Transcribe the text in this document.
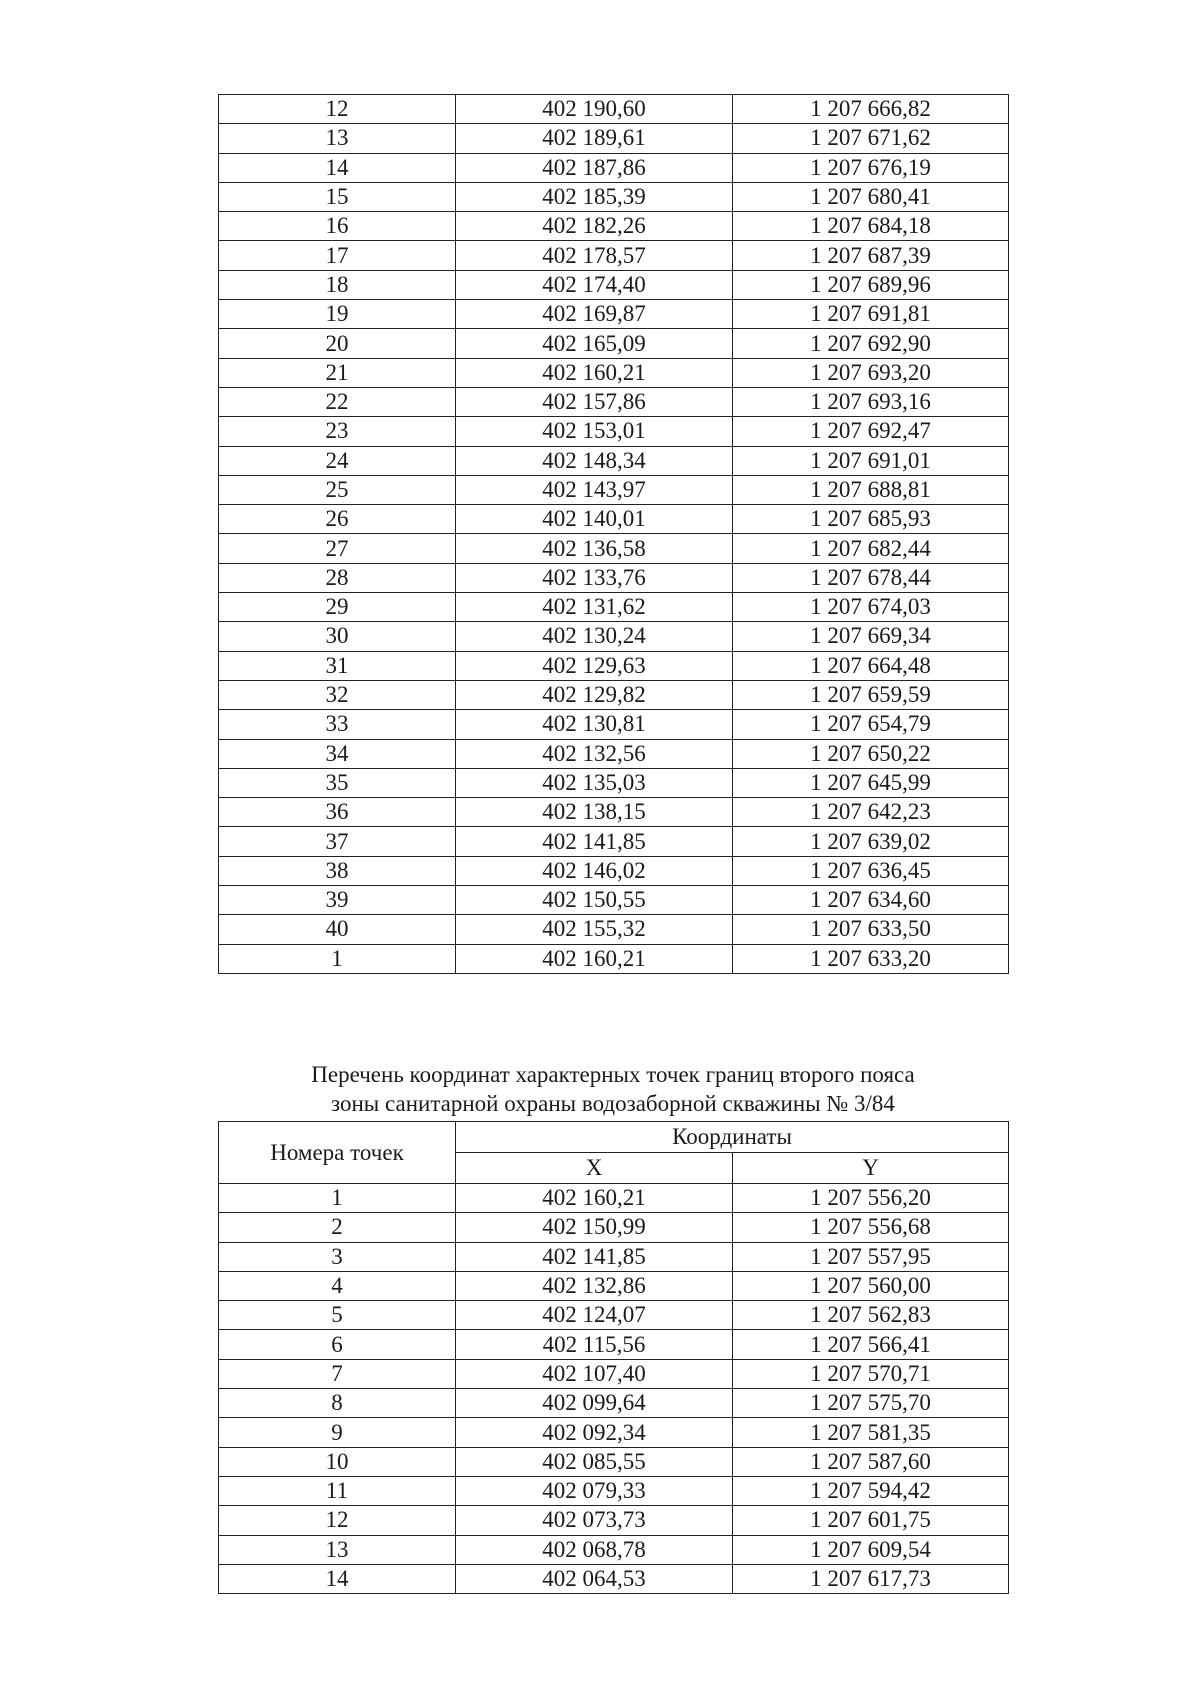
12	402 190,60	1 207 666,82
13	402 189,61	1 207 671,62
14	402 187,86	1 207 676,19
15	402 185,39	1 207 680,41
16	402 182,26	1 207 684,18
17	402 178,57	1 207 687,39
18	402 174,40	1 207 689,96
19	402 169,87	1 207 691,81
20	402 165,09	1 207 692,90
21	402 160,21	1 207 693,20
22	402 157,86	1 207 693,16
23	402 153,01	1 207 692,47
24	402 148,34	1 207 691,01
25	402 143,97	1 207 688,81
26	402 140,01	1 207 685,93
27	402 136,58	1 207 682,44
28	402 133,76	1 207 678,44
29	402 131,62	1 207 674,03
30	402 130,24	1 207 669,34
31	402 129,63	1 207 664,48
32	402 129,82	1 207 659,59
33	402 130,81	1 207 654,79
34	402 132,56	1 207 650,22
35	402 135,03	1 207 645,99
36	402 138,15	1 207 642,23
37	402 141,85	1 207 639,02
38	402 146,02	1 207 636,45
39	402 150,55	1 207 634,60
40	402 155,32	1 207 633,50
1	402 160,21	1 207 633,20
Перечень координат характерных точек границ второго пояса
зоны санитарной охраны водозаборной скважины № 3/84
Номера точек	Координаты	
	X	Y
1	402 160,21	1 207 556,20
2	402 150,99	1 207 556,68
3	402 141,85	1 207 557,95
4	402 132,86	1 207 560,00
5	402 124,07	1 207 562,83
6	402 115,56	1 207 566,41
7	402 107,40	1 207 570,71
8	402 099,64	1 207 575,70
9	402 092,34	1 207 581,35
10	402 085,55	1 207 587,60
11	402 079,33	1 207 594,42
12	402 073,73	1 207 601,75
13	402 068,78	1 207 609,54
14	402 064,53	1 207 617,73
